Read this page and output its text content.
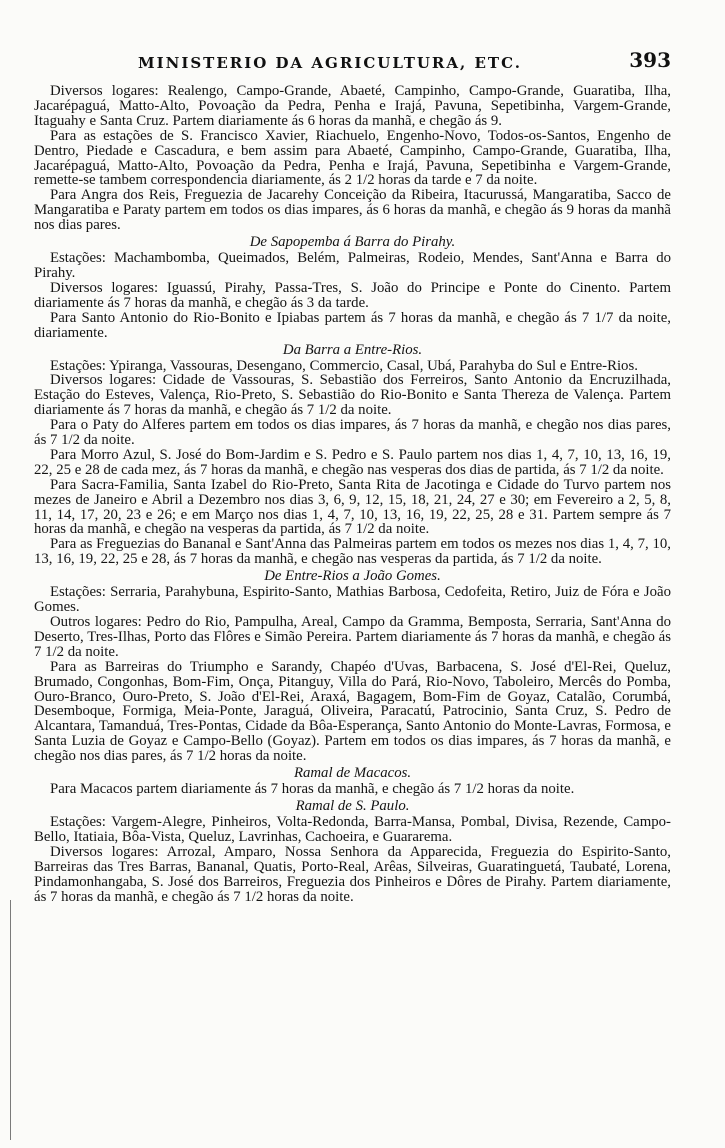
MINISTERIO DA AGRICULTURA, ETC.	393

Diversos logares: Realengo, Campo-Grande, Abaeté, Campinho, Campo-Grande, Guaratiba, Ilha, Jacarépaguá, Matto-Alto, Povoação da Pedra, Penha e Irajá, Pavuna, Sepetibinha, Vargem-Grande, Itaguahy e Santa Cruz. Partem diariamente ás 6 horas da manhã, e chegão ás 9.

Para as estações de S. Francisco Xavier, Riachuelo, Engenho-Novo, Todos-os-Santos, Engenho de Dentro, Piedade e Cascadura, e bem assim para Abaeté, Campinho, Campo-Grande, Guaratiba, Ilha, Jacarépaguá, Matto-Alto, Povoação da Pedra, Penha e Irajá, Pavuna, Sepetibinha e Vargem-Grande, remette-se tambem correspondencia diariamente, ás 2 1/2 horas da tarde e 7 da noite.

Para Angra dos Reis, Freguezia de Jacarehy Conceição da Ribeira, Itacurussá, Mangaratiba, Sacco de Mangaratiba e Paraty partem em todos os dias impares, ás 6 horas da manhã, e chegão ás 9 horas da manhã nos dias pares.

De Sapopemba á Barra do Pirahy.

Estações: Machambomba, Queimados, Belém, Palmeiras, Rodeio, Mendes, Sant'Anna e Barra do Pirahy.

Diversos logares: Iguassú, Pirahy, Passa-Tres, S. João do Principe e Ponte do Cinento. Partem diariamente ás 7 horas da manhã, e chegão ás 3 da tarde.

Para Santo Antonio do Rio-Bonito e Ipiabas partem ás 7 horas da manhã, e chegão ás 7 1/7 da noite, diariamente.

Da Barra a Entre-Rios.

Estações: Ypiranga, Vassouras, Desengano, Commercio, Casal, Ubá, Parahyba do Sul e Entre-Rios.

Diversos logares: Cidade de Vassouras, S. Sebastião dos Ferreiros, Santo Antonio da Encruzilhada, Estação do Esteves, Valença, Rio-Preto, S. Sebastião do Rio-Bonito e Santa Thereza de Valença. Partem diariamente ás 7 horas da manhã, e chegão ás 7 1/2 da noite.

Para o Paty do Alferes partem em todos os dias impares, ás 7 horas da manhã, e chegão nos dias pares, ás 7 1/2 da noite.

Para Morro Azul, S. José do Bom-Jardim e S. Pedro e S. Paulo partem nos dias 1, 4, 7, 10, 13, 16, 19, 22, 25 e 28 de cada mez, ás 7 horas da manhã, e chegão nas vesperas dos dias de partida, ás 7 1/2 da noite.

Para Sacra-Familia, Santa Izabel do Rio-Preto, Santa Rita de Jacotinga e Cidade do Turvo partem nos mezes de Janeiro e Abril a Dezembro nos dias 3, 6, 9, 12, 15, 18, 21, 24, 27 e 30; em Fevereiro a 2, 5, 8, 11, 14, 17, 20, 23 e 26; e em Março nos dias 1, 4, 7, 10, 13, 16, 19, 22, 25, 28 e 31. Partem sempre ás 7 horas da manhã, e chegão na vesperas da partida, ás 7 1/2 da noite.

Para as Freguezias do Bananal e Sant'Anna das Palmeiras partem em todos os mezes nos dias 1, 4, 7, 10, 13, 16, 19, 22, 25 e 28, ás 7 horas da manhã, e chegão nas vesperas da partida, ás 7 1/2 da noite.

De Entre-Rios a João Gomes.

Estações: Serraria, Parahybuna, Espirito-Santo, Mathias Barbosa, Cedofeita, Retiro, Juiz de Fóra e João Gomes.

Outros logares: Pedro do Rio, Pampulha, Areal, Campo da Gramma, Bemposta, Serraria, Sant'Anna do Deserto, Tres-Ilhas, Porto das Flôres e Simão Pereira. Partem diariamente ás 7 horas da manhã, e chegão ás 7 1/2 da noite.

Para as Barreiras do Triumpho e Sarandy, Chapéo d'Uvas, Barbacena, S. José d'El-Rei, Queluz, Brumado, Congonhas, Bom-Fim, Onça, Pitanguy, Villa do Pará, Rio-Novo, Taboleiro, Mercês do Pomba, Ouro-Branco, Ouro-Preto, S. João d'El-Rei, Araxá, Bagagem, Bom-Fim de Goyaz, Catalão, Corumbá, Desemboque, Formiga, Meia-Ponte, Jaraguá, Oliveira, Paracatú, Patrocinio, Santa Cruz, S. Pedro de Alcantara, Tamanduá, Tres-Pontas, Cidade da Bôa-Esperança, Santo Antonio do Monte-Lavras, Formosa, e Santa Luzia de Goyaz e Campo-Bello (Goyaz). Partem em todos os dias impares, ás 7 horas da manhã, e chegão nos dias pares, ás 7 1/2 horas da noite.

Ramal de Macacos.

Para Macacos partem diariamente ás 7 horas da manhã, e chegão ás 7 1/2 horas da noite.

Ramal de S. Paulo.

Estações: Vargem-Alegre, Pinheiros, Volta-Redonda, Barra-Mansa, Pombal, Divisa, Rezende, Campo-Bello, Itatiaia, Bôa-Vista, Queluz, Lavrinhas, Cachoeira, e Guararema.

Diversos logares: Arrozal, Amparo, Nossa Senhora da Apparecida, Freguezia do Espirito-Santo, Barreiras das Tres Barras, Bananal, Quatis, Porto-Real, Arêas, Silveiras, Guaratinguetá, Taubaté, Lorena, Pindamonhangaba, S. José dos Barreiros, Freguezia dos Pinheiros e Dôres de Pirahy. Partem diariamente, ás 7 horas da manhã, e chegão ás 7 1/2 horas da noite.
